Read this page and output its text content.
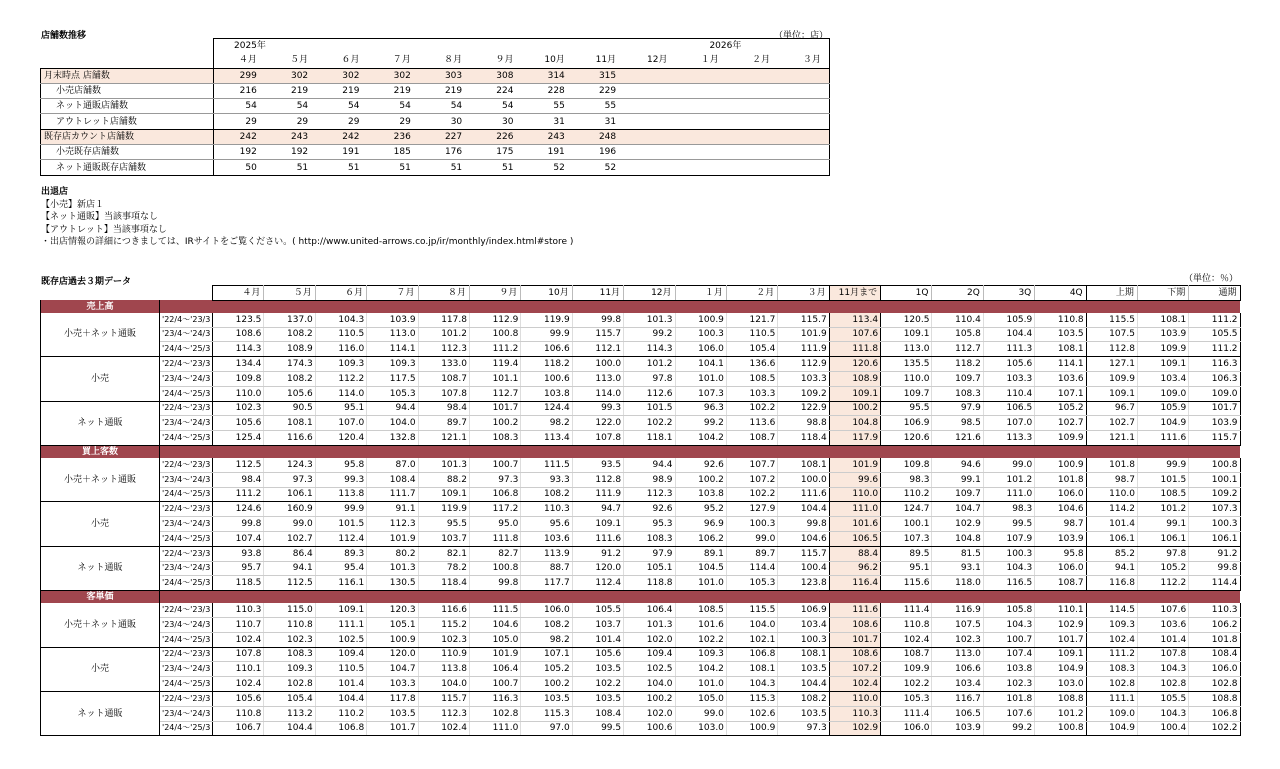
店舗数推移	（単位：店）
	2025年									2026年		
	４月	５月	６月	７月	８月	９月	10月	11月	12月	１月	２月	３月
月末時点 店舗数	299	302	302	302	303	308	314	315				
小売店舗数	216	219	219	219	219	224	228	229				
ネット通販店舗数	54	54	54	54	54	54	55	55				
アウトレット店舗数	29	29	29	29	30	30	31	31				
既存店カウント店舗数	242	243	242	236	227	226	243	248				
小売既存店舗数	192	192	191	185	176	175	191	196				
ネット通販既存店舗数	50	51	51	51	51	51	52	52				
出退店
【小売】新店１
【ネット通販】当該事項なし
【アウトレット】当該事項なし
・出店情報の詳細につきましては、IRサイトをご覧ください。( http://www.united-arrows.co.jp/ir/monthly/index.html#store )
既存店過去３期データ	（単位：％）
		４月	５月	６月	７月	８月	９月	10月	11月	12月	１月	２月	３月	11月まで	1Q	2Q	3Q	4Q	上期	下期	通期
売上高																					
小売＋ネット通販	'22/4～'23/3	123.5	137.0	104.3	103.9	117.8	112.9	119.9	99.8	101.3	100.9	121.7	115.7	113.4	120.5	110.4	105.9	110.8	115.5	108.1	111.2
	'23/4～'24/3	108.6	108.2	110.5	113.0	101.2	100.8	99.9	115.7	99.2	100.3	110.5	101.9	107.6	109.1	105.8	104.4	103.5	107.5	103.9	105.5
	'24/4～'25/3	114.3	108.9	116.0	114.1	112.3	111.2	106.6	112.1	114.3	106.0	105.4	111.9	111.8	113.0	112.7	111.3	108.1	112.8	109.9	111.2
小売	'22/4～'23/3	134.4	174.3	109.3	109.3	133.0	119.4	118.2	100.0	101.2	104.1	136.6	112.9	120.6	135.5	118.2	105.6	114.1	127.1	109.1	116.3
	'23/4～'24/3	109.8	108.2	112.2	117.5	108.7	101.1	100.6	113.0	97.8	101.0	108.5	103.3	108.9	110.0	109.7	103.3	103.6	109.9	103.4	106.3
	'24/4～'25/3	110.0	105.6	114.0	105.3	107.8	112.7	103.8	114.0	112.6	107.3	103.3	109.2	109.1	109.7	108.3	110.4	107.1	109.1	109.0	109.0
ネット通販	'22/4～'23/3	102.3	90.5	95.1	94.4	98.4	101.7	124.4	99.3	101.5	96.3	102.2	122.9	100.2	95.5	97.9	106.5	105.2	96.7	105.9	101.7
	'23/4～'24/3	105.6	108.1	107.0	104.0	89.7	100.2	98.2	122.0	102.2	99.2	113.6	98.8	104.8	106.9	98.5	107.0	102.7	102.7	104.9	103.9
	'24/4～'25/3	125.4	116.6	120.4	132.8	121.1	108.3	113.4	107.8	118.1	104.2	108.7	118.4	117.9	120.6	121.6	113.3	109.9	121.1	111.6	115.7
買上客数																					
小売＋ネット通販	'22/4～'23/3	112.5	124.3	95.8	87.0	101.3	100.7	111.5	93.5	94.4	92.6	107.7	108.1	101.9	109.8	94.6	99.0	100.9	101.8	99.9	100.8
	'23/4～'24/3	98.4	97.3	99.3	108.4	88.2	97.3	93.3	112.8	98.9	100.2	107.2	100.0	99.6	98.3	99.1	101.2	101.8	98.7	101.5	100.1
	'24/4～'25/3	111.2	106.1	113.8	111.7	109.1	106.8	108.2	111.9	112.3	103.8	102.2	111.6	110.0	110.2	109.7	111.0	106.0	110.0	108.5	109.2
小売	'22/4～'23/3	124.6	160.9	99.9	91.1	119.9	117.2	110.3	94.7	92.6	95.2	127.9	104.4	111.0	124.7	104.7	98.3	104.6	114.2	101.2	107.3
	'23/4～'24/3	99.8	99.0	101.5	112.3	95.5	95.0	95.6	109.1	95.3	96.9	100.3	99.8	101.6	100.1	102.9	99.5	98.7	101.4	99.1	100.3
	'24/4～'25/3	107.4	102.7	112.4	101.9	103.7	111.8	103.6	111.6	108.3	106.2	99.0	104.6	106.5	107.3	104.8	107.9	103.9	106.1	106.1	106.1
ネット通販	'22/4～'23/3	93.8	86.4	89.3	80.2	82.1	82.7	113.9	91.2	97.9	89.1	89.7	115.7	88.4	89.5	81.5	100.3	95.8	85.2	97.8	91.2
	'23/4～'24/3	95.7	94.1	95.4	101.3	78.2	100.8	88.7	120.0	105.1	104.5	114.4	100.4	96.2	95.1	93.1	104.3	106.0	94.1	105.2	99.8
	'24/4～'25/3	118.5	112.5	116.1	130.5	118.4	99.8	117.7	112.4	118.8	101.0	105.3	123.8	116.4	115.6	118.0	116.5	108.7	116.8	112.2	114.4
客単価																					
小売＋ネット通販	'22/4～'23/3	110.3	115.0	109.1	120.3	116.6	111.5	106.0	105.5	106.4	108.5	115.5	106.9	111.6	111.4	116.9	105.8	110.1	114.5	107.6	110.3
	'23/4～'24/3	110.7	110.8	111.1	105.1	115.2	104.6	108.2	103.7	101.3	101.6	104.0	103.4	108.6	110.8	107.5	104.3	102.9	109.3	103.6	106.2
	'24/4～'25/3	102.4	102.3	102.5	100.9	102.3	105.0	98.2	101.4	102.0	102.2	102.1	100.3	101.7	102.4	102.3	100.7	101.7	102.4	101.4	101.8
小売	'22/4～'23/3	107.8	108.3	109.4	120.0	110.9	101.9	107.1	105.6	109.4	109.3	106.8	108.1	108.6	108.7	113.0	107.4	109.1	111.2	107.8	108.4
	'23/4～'24/3	110.1	109.3	110.5	104.7	113.8	106.4	105.2	103.5	102.5	104.2	108.1	103.5	107.2	109.9	106.6	103.8	104.9	108.3	104.3	106.0
	'24/4～'25/3	102.4	102.8	101.4	103.3	104.0	100.7	100.2	102.2	104.0	101.0	104.3	104.4	102.4	102.2	103.4	102.3	103.0	102.8	102.8	102.8
ネット通販	'22/4～'23/3	105.6	105.4	104.4	117.8	115.7	116.3	103.5	103.5	100.2	105.0	115.3	108.2	110.0	105.3	116.7	101.8	108.8	111.1	105.5	108.8
	'23/4～'24/3	110.8	113.2	110.2	103.5	112.3	102.8	115.3	108.4	102.0	99.0	102.6	103.5	110.3	111.4	106.5	107.6	101.2	109.0	104.3	106.8
	'24/4～'25/3	106.7	104.4	106.8	101.7	102.4	111.0	97.0	99.5	100.6	103.0	100.9	97.3	102.9	106.0	103.9	99.2	100.8	104.9	100.4	102.2
